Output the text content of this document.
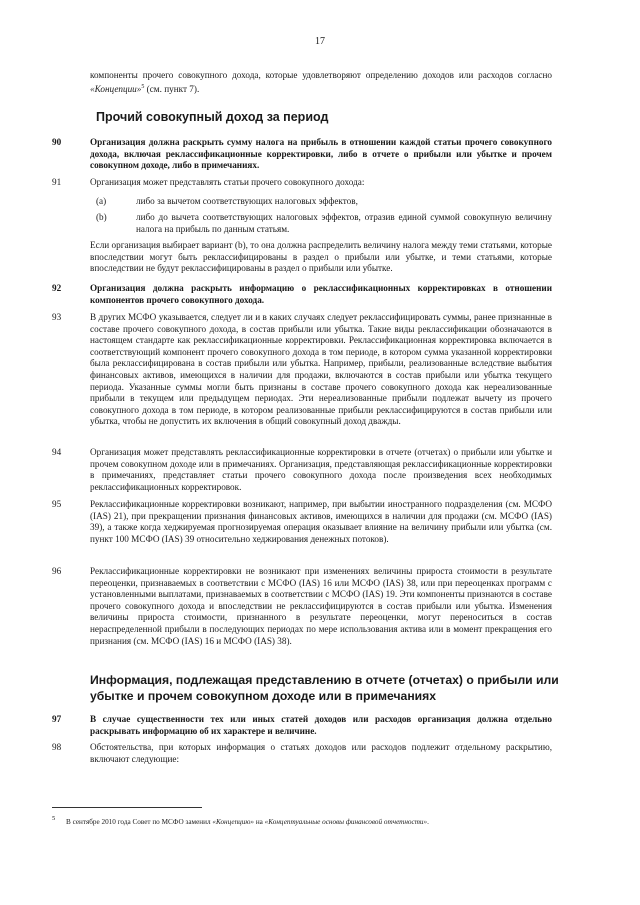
17
компоненты прочего совокупного дохода, которые удовлетворяют определению доходов или расходов согласно «Концепции»$^5$ (см. пункт 7).
Прочий совокупный доход за период
90	Организация должна раскрыть сумму налога на прибыль в отношении каждой статьи прочего совокупного дохода, включая реклассификационные корректировки, либо в отчете о прибыли или убытке и прочем совокупном доходе, либо в примечаниях.
91	Организация может представлять статьи прочего совокупного дохода:
(a)	либо за вычетом соответствующих налоговых эффектов,
(b)	либо до вычета соответствующих налоговых эффектов, отразив единой суммой совокупную величину налога на прибыль по данным статьям.
Если организация выбирает вариант (b), то она должна распределить величину налога между теми статьями, которые впоследствии могут быть реклассифицированы в раздел о прибыли или убытке, и теми статьями, которые впоследствии не будут реклассифицированы в раздел о прибыли или убытке.
92	Организация должна раскрыть информацию о реклассификационных корректировках в отношении компонентов прочего совокупного дохода.
93	В других МСФО указывается, следует ли и в каких случаях следует реклассифицировать суммы, ранее признанные в составе прочего совокупного дохода, в состав прибыли или убытка. Такие виды реклассификации обозначаются в настоящем стандарте как реклассификационные корректировки. Реклассификационная корректировка включается в соответствующий компонент прочего совокупного дохода в том периоде, в котором сумма указанной корректировки была реклассифицирована в состав прибыли или убытка. Например, прибыли, реализованные вследствие выбытия финансовых активов, имеющихся в наличии для продажи, включаются в состав прибыли или убытка текущего периода. Указанные суммы могли быть признаны в составе прочего совокупного дохода как нереализованные прибыли в текущем или предыдущем периодах. Эти нереализованные прибыли подлежат вычету из прочего совокупного дохода в том периоде, в котором реализованные прибыли реклассифицируются в состав прибыли или убытка, чтобы не допустить их включения в общий совокупный доход дважды.
94	Организация может представлять реклассификационные корректировки в отчете (отчетах) о прибыли или убытке и прочем совокупном доходе или в примечаниях. Организация, представляющая реклассификационные корректировки в примечаниях, представляет статьи прочего совокупного дохода после произведения всех необходимых реклассификационных корректировок.
95	Реклассификационные корректировки возникают, например, при выбытии иностранного подразделения (см. МСФО (IAS) 21), при прекращении признания финансовых активов, имеющихся в наличии для продажи (см. МСФО (IAS) 39), а также когда хеджируемая прогнозируемая операция оказывает влияние на величину прибыли или убытка (см. пункт 100 МСФО (IAS) 39 относительно хеджирования денежных потоков).
96	Реклассификационные корректировки не возникают при изменениях величины прироста стоимости в результате переоценки, признаваемых в соответствии с МСФО (IAS) 16 или МСФО (IAS) 38, или при переоценках программ с установленными выплатами, признаваемых в соответствии с МСФО (IAS) 19. Эти компоненты признаются в составе прочего совокупного дохода и впоследствии не реклассифицируются в состав прибыли или убытка. Изменения величины прироста стоимости, признанного в результате переоценки, могут переноситься в состав нераспределенной прибыли в последующих периодах по мере использования актива или в момент прекращения его признания (см. МСФО (IAS) 16 и МСФО (IAS) 38).
Информация, подлежащая представлению в отчете (отчетах) о прибыли или убытке и прочем совокупном доходе или в примечаниях
97	В случае существенности тех или иных статей доходов или расходов организация должна отдельно раскрывать информацию об их характере и величине.
98	Обстоятельства, при которых информация о статьях доходов или расходов подлежит отдельному раскрытию, включают следующие:
5 В сентябре 2010 года Совет по МСФО заменил «Концепцию» на «Концептуальные основы финансовой отчетности».
